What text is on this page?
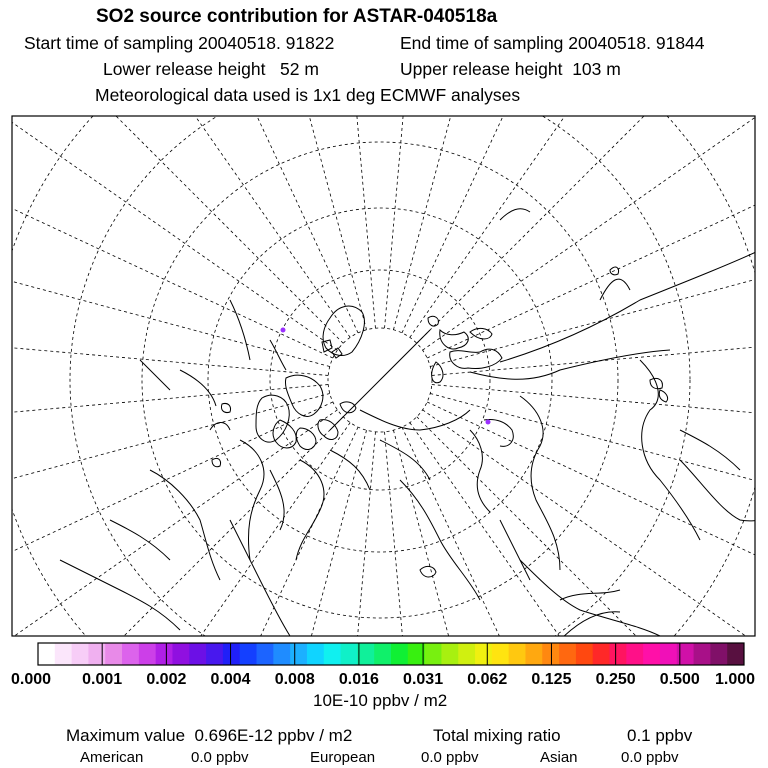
SO2 source contribution for ASTAR-040518a
Start time of sampling 20040518. 91822	End time of sampling 20040518. 91844
Lower release height   52 m	Upper release height  103 m
Meteorological data used is 1x1 deg ECMWF analyses
0.000 0.001 0.002 0.004 0.008 0.016 0.031 0.062 0.125 0.250 0.500 1.000
10E-10 ppbv / m2
Maximum value  0.696E-12 ppbv / m2	Total mixing ratio	0.1 ppbv
American	0.0 ppbv	European	0.0 ppbv	Asian	0.0 ppbv
